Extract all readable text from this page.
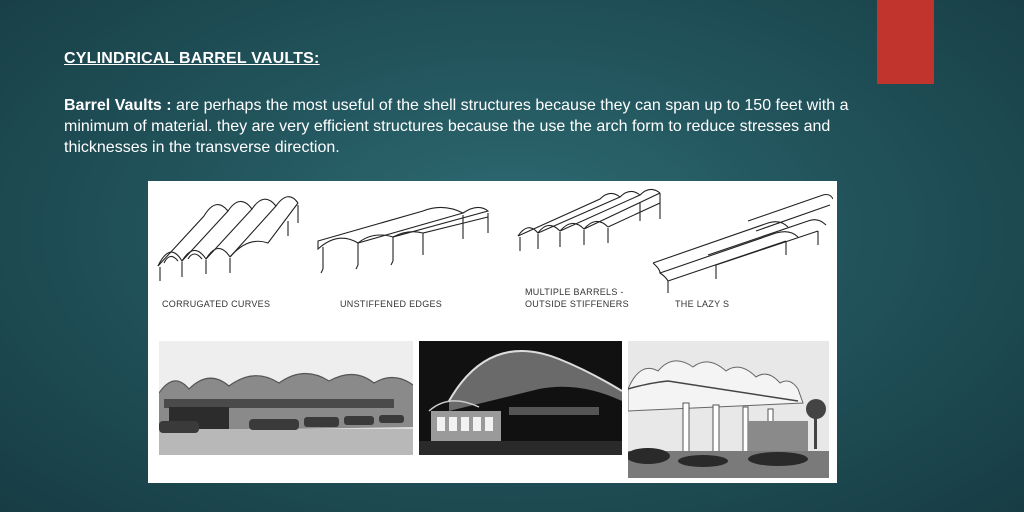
CYLINDRICAL BARREL VAULTS:
Barrel Vaults : are perhaps the most useful of the shell structures because they can span up to 150 feet with a minimum of material. they are very efficient structures because the use the arch form to reduce stresses and thicknesses in the transverse direction.
CORRUGATED CURVES	UNSTIFFENED EDGES
MULTIPLE BARRELS -
OUTSIDE STIFFENERS	THE LAZY S
